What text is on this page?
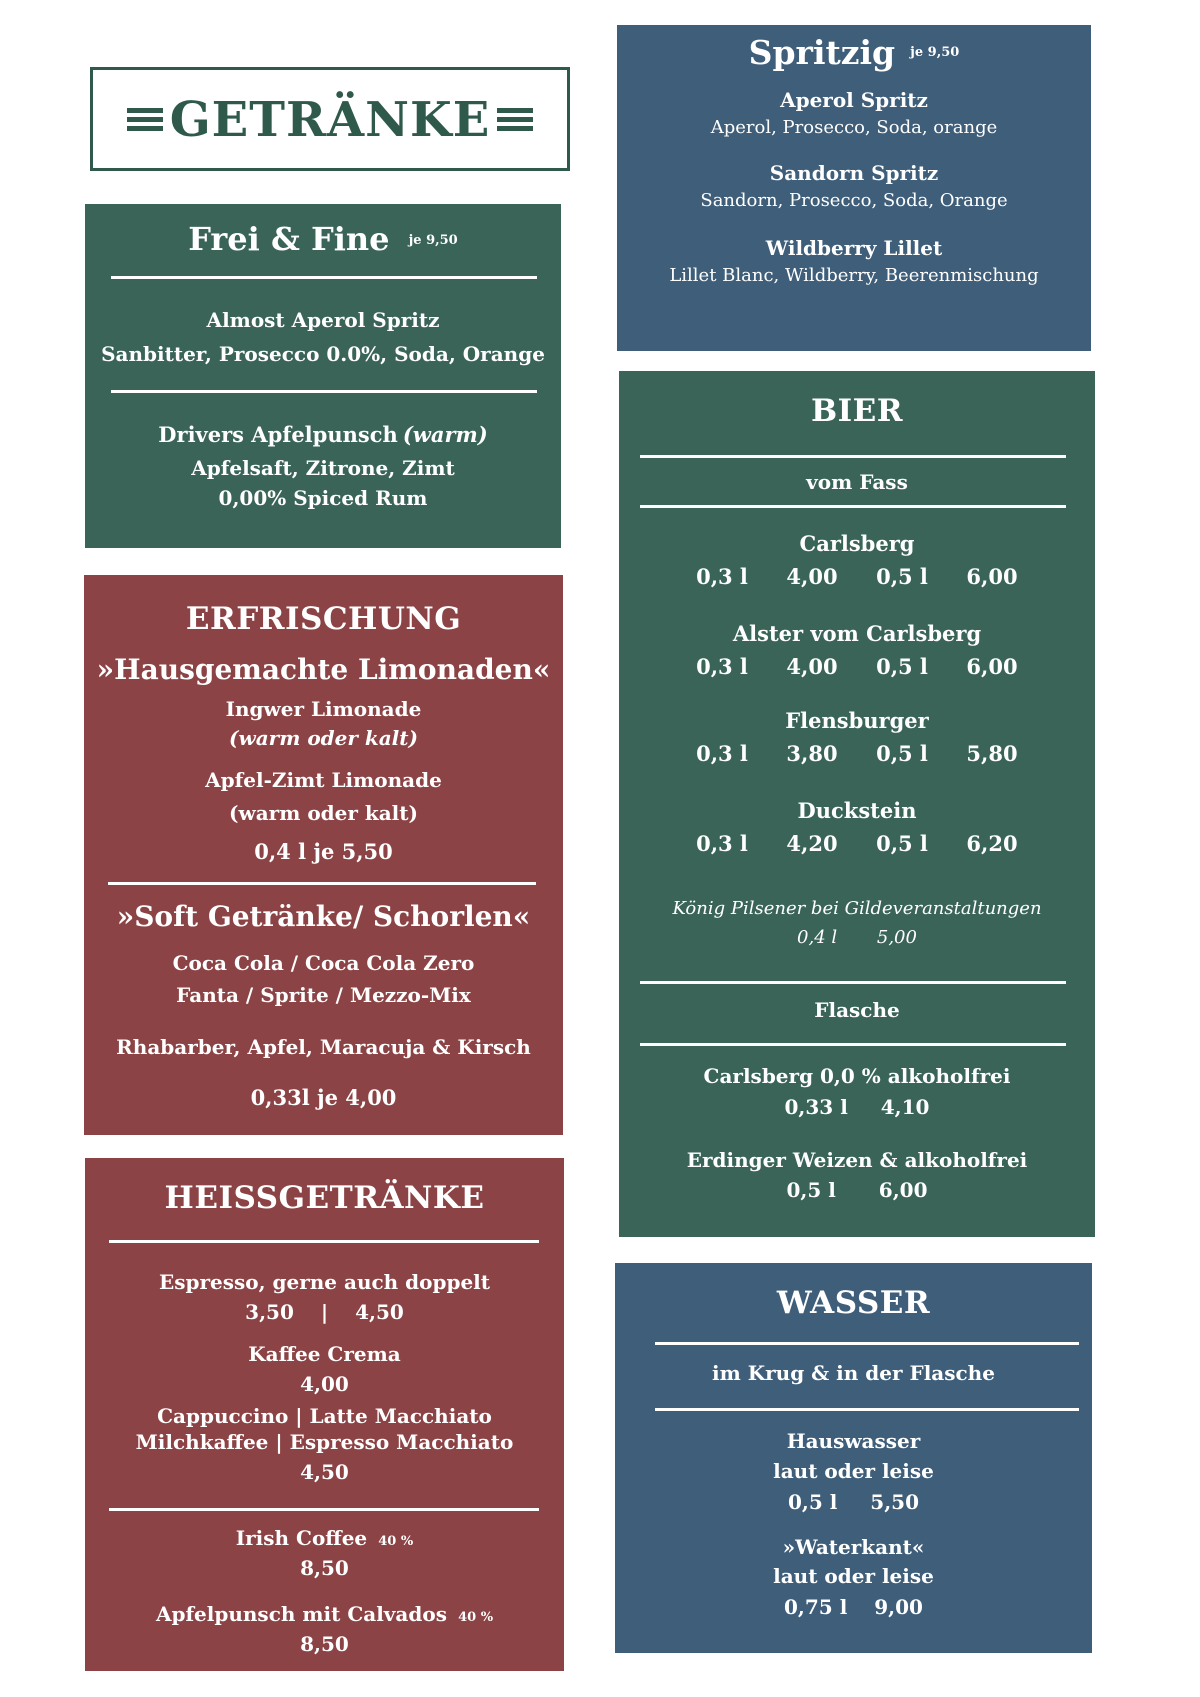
GETRÄNKE
Frei & Fine $^{je 9,50}$
Almost Aperol Spritz
Sanbitter, Prosecco 0.0%, Soda, Orange
Drivers Apfelpunsch (warm)
Apfelsaft, Zitrone, Zimt
0,00% Spiced Rum
Spritzig $^{je 9,50}$
Aperol Spritz
Aperol, Prosecco, Soda, orange
Sandorn Spritz
Sandorn, Prosecco, Soda, Orange
Wildberry Lillet
Lillet Blanc, Wildberry, Beerenmischung
ERFRISCHUNG
»Hausgemachte Limonaden«
Ingwer Limonade
(warm oder kalt)
Apfel-Zimt Limonade
(warm oder kalt)
0,4 l je 5,50
»Soft Getränke/ Schorlen«
Coca Cola / Coca Cola Zero
Fanta / Sprite / Mezzo-Mix
Rhabarber, Apfel, Maracuja & Kirsch
0,33l je 4,00
HEISSGETRÄNKE
Espresso, gerne auch doppelt
3,50 | 4,50
Kaffee Crema
4,00
Cappuccino | Latte Macchiato
Milchkaffee | Espresso Macchiato
4,50
Irish Coffee 40 %
8,50
Apfelpunsch mit Calvados 40 %
8,50
BIER
vom Fass
Carlsberg
0,3 l 4,00 0,5 l 6,00
Alster vom Carlsberg
0,3 l 4,00 0,5 l 6,00
Flensburger
0,3 l 3,80 0,5 l 5,80
Duckstein
0,3 l 4,20 0,5 l 6,20
König Pilsener bei Gildeveranstaltungen
0,4 l 5,00
Flasche
Carlsberg 0,0 % alkoholfrei
0,33 l 4,10
Erdinger Weizen & alkoholfrei
0,5 l 6,00
WASSER
im Krug & in der Flasche
Hauswasser
laut oder leise
0,5 l 5,50
»Waterkant«
laut oder leise
0,75 l 9,00
